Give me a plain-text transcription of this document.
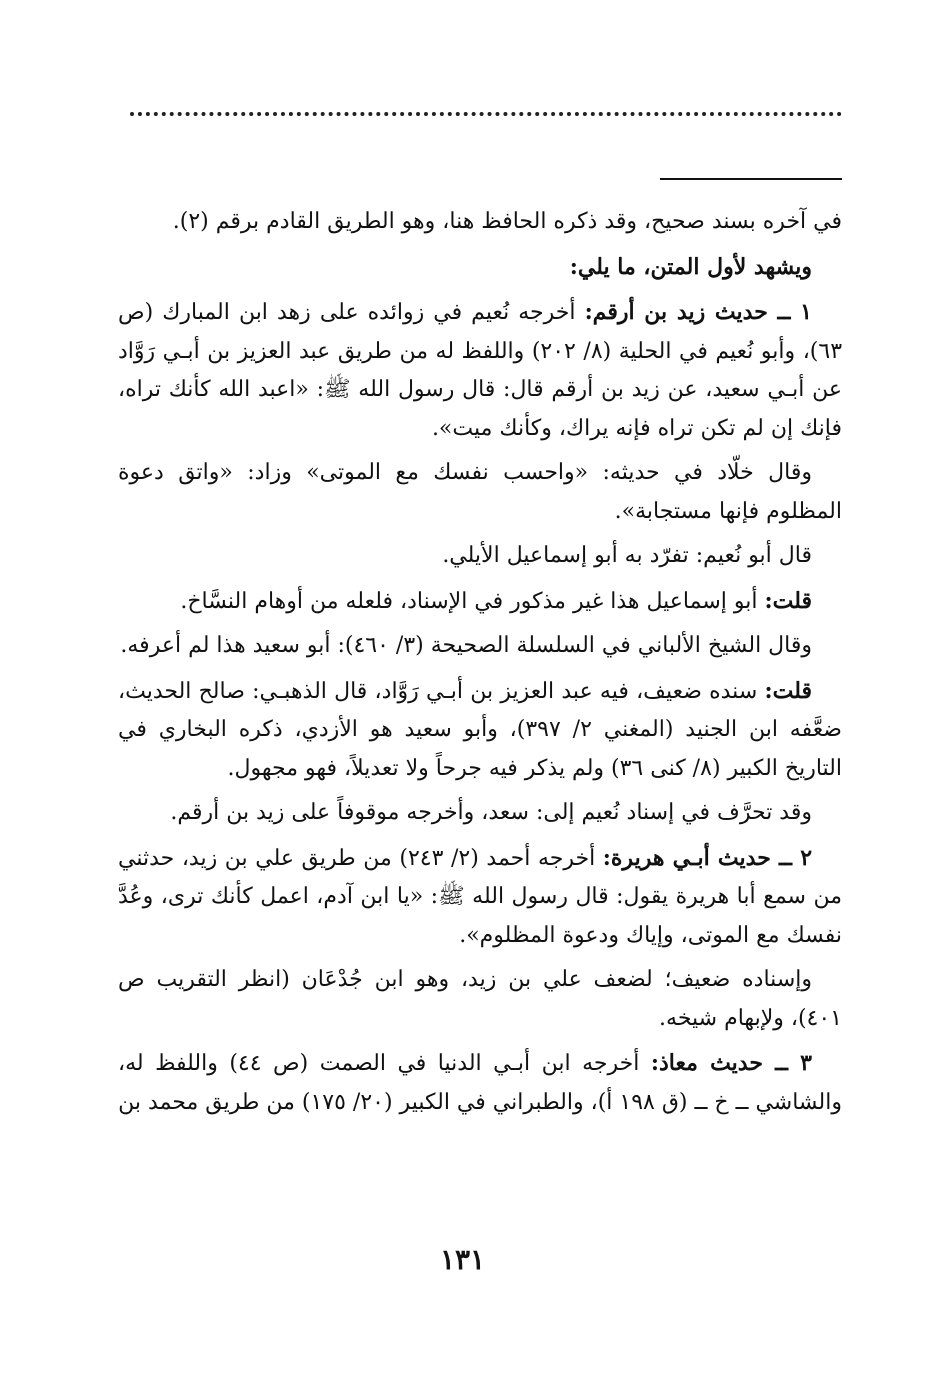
في آخره بسند صحيح، وقد ذكره الحافظ هنا، وهو الطريق القادم برقم (٢).

ويشهد لأول المتن، ما يلي:

١ ــ حديث زيد بن أرقم: أخرجه نُعيم في زوائده على زهد ابن المبارك (ص ٦٣)، وأبو نُعيم في الحلية (٨/ ٢٠٢) واللفظ له من طريق عبد العزيز بن أبـي رَوَّاد عن أبـي سعيد، عن زيد بن أرقم قال: قال رسول الله ﷺ: «اعبد الله كأنك تراه، فإنك إن لم تكن تراه فإنه يراك، وكأنك ميت».

وقال خلّاد في حديثه: «واحسب نفسك مع الموتى» وزاد: «واتق دعوة المظلوم فإنها مستجابة».

قال أبو نُعيم: تفرّد به أبو إسماعيل الأيلي.

قلت: أبو إسماعيل هذا غير مذكور في الإسناد، فلعله من أوهام النسَّاخ.

وقال الشيخ الألباني في السلسلة الصحيحة (٣/ ٤٦٠): أبو سعيد هذا لم أعرفه.

قلت: سنده ضعيف، فيه عبد العزيز بن أبـي رَوَّاد، قال الذهبـي: صالح الحديث، ضعَّفه ابن الجنيد (المغني ٢/ ٣٩٧)، وأبو سعيد هو الأزدي، ذكره البخاري في التاريخ الكبير (٨/ كنى ٣٦) ولم يذكر فيه جرحاً ولا تعديلاً، فهو مجهول.

وقد تحرَّف في إسناد نُعيم إلى: سعد، وأخرجه موقوفاً على زيد بن أرقم.

٢ ــ حديث أبـي هريرة: أخرجه أحمد (٢/ ٢٤٣) من طريق علي بن زيد، حدثني من سمع أبا هريرة يقول: قال رسول الله ﷺ: «يا ابن آدم، اعمل كأنك ترى، وعُدَّ نفسك مع الموتى، وإياك ودعوة المظلوم».

وإسناده ضعيف؛ لضعف علي بن زيد، وهو ابن جُدْعَان (انظر التقريب ص ٤٠١)، ولإبهام شيخه.

٣ ــ حديث معاذ: أخرجه ابن أبـي الدنيا في الصمت (ص ٤٤) واللفظ له، والشاشي ــ خ ــ (ق ١٩٨ أ)، والطبراني في الكبير (٢٠/ ١٧٥) من طريق محمد بن

١٣١
